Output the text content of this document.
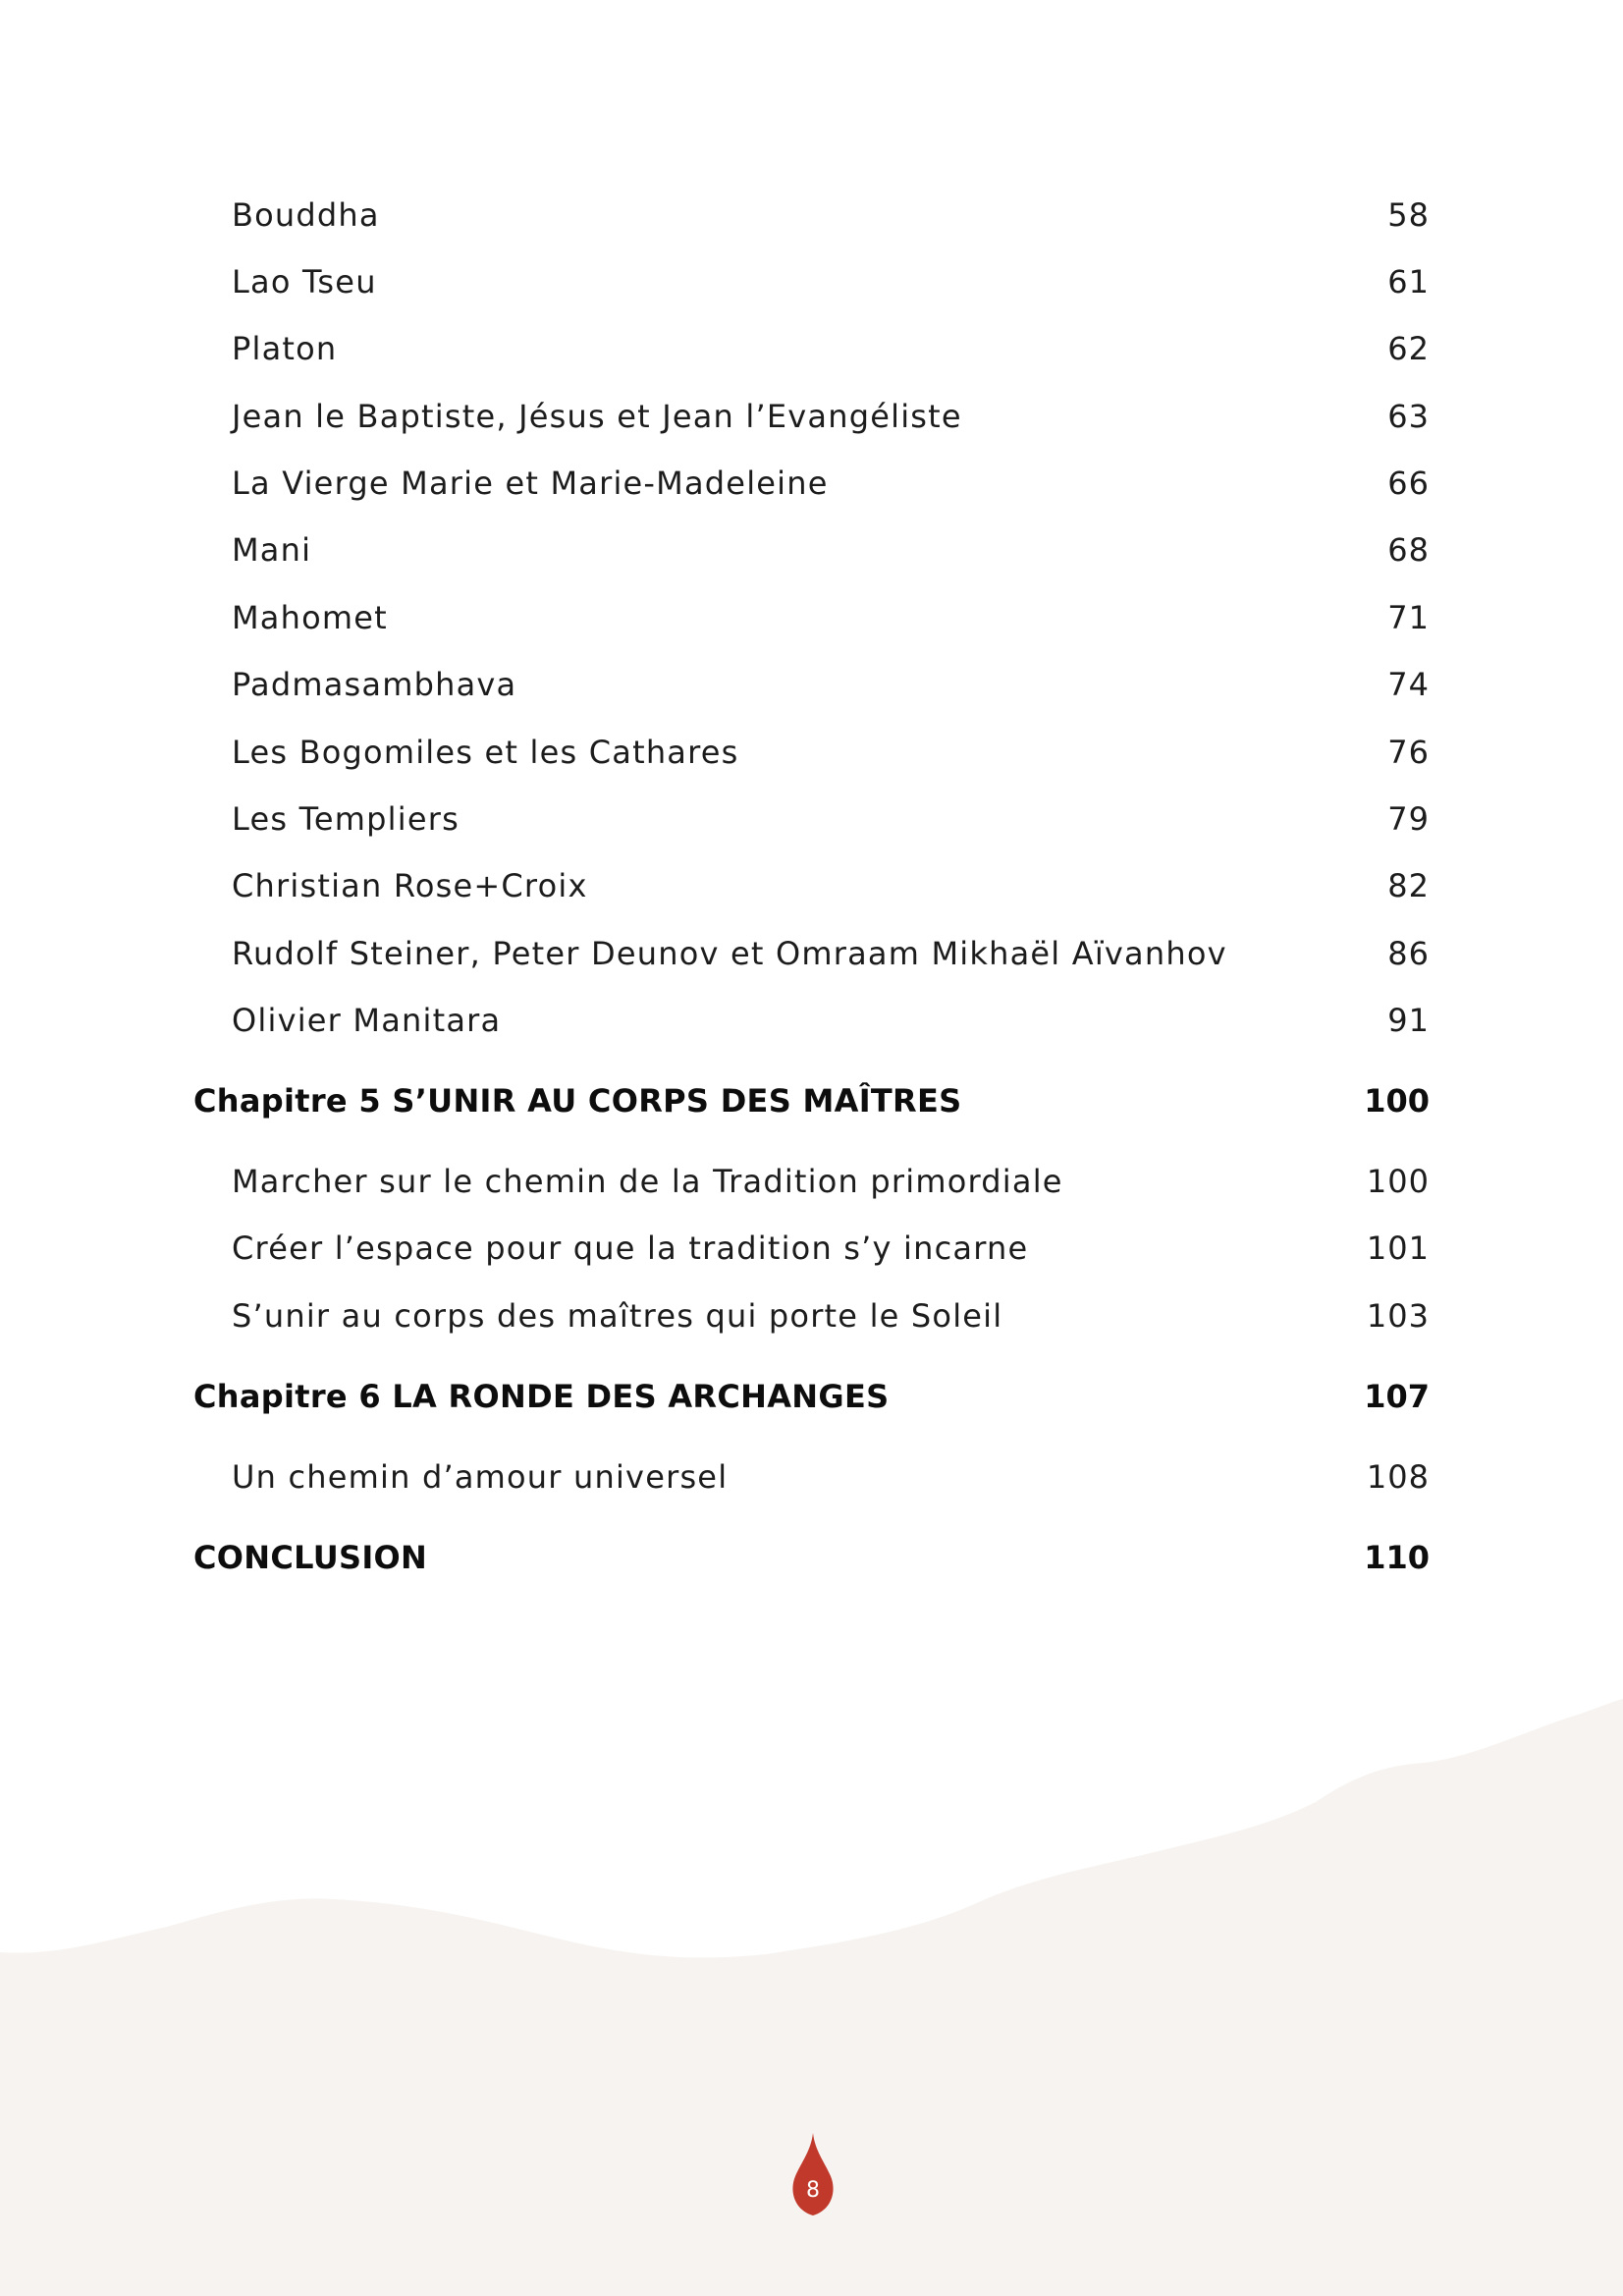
Bouddha	58
Lao Tseu	61
Platon	62
Jean le Baptiste, Jésus et Jean l’Evangéliste	63
La Vierge Marie et Marie-Madeleine	66
Mani	68
Mahomet	71
Padmasambhava	74
Les Bogomiles et les Cathares	76
Les Templiers	79
Christian Rose+Croix	82
Rudolf Steiner, Peter Deunov et Omraam Mikhaël Aïvanhov	86
Olivier Manitara	91
Chapitre 5 S’UNIR AU CORPS DES MAÎTRES	100
Marcher sur le chemin de la Tradition primordiale	100
Créer l’espace pour que la tradition s’y incarne	101
S’unir au corps des maîtres qui porte le Soleil	103
Chapitre 6 LA RONDE DES ARCHANGES	107
Un chemin d’amour universel	108
CONCLUSION	110
8
